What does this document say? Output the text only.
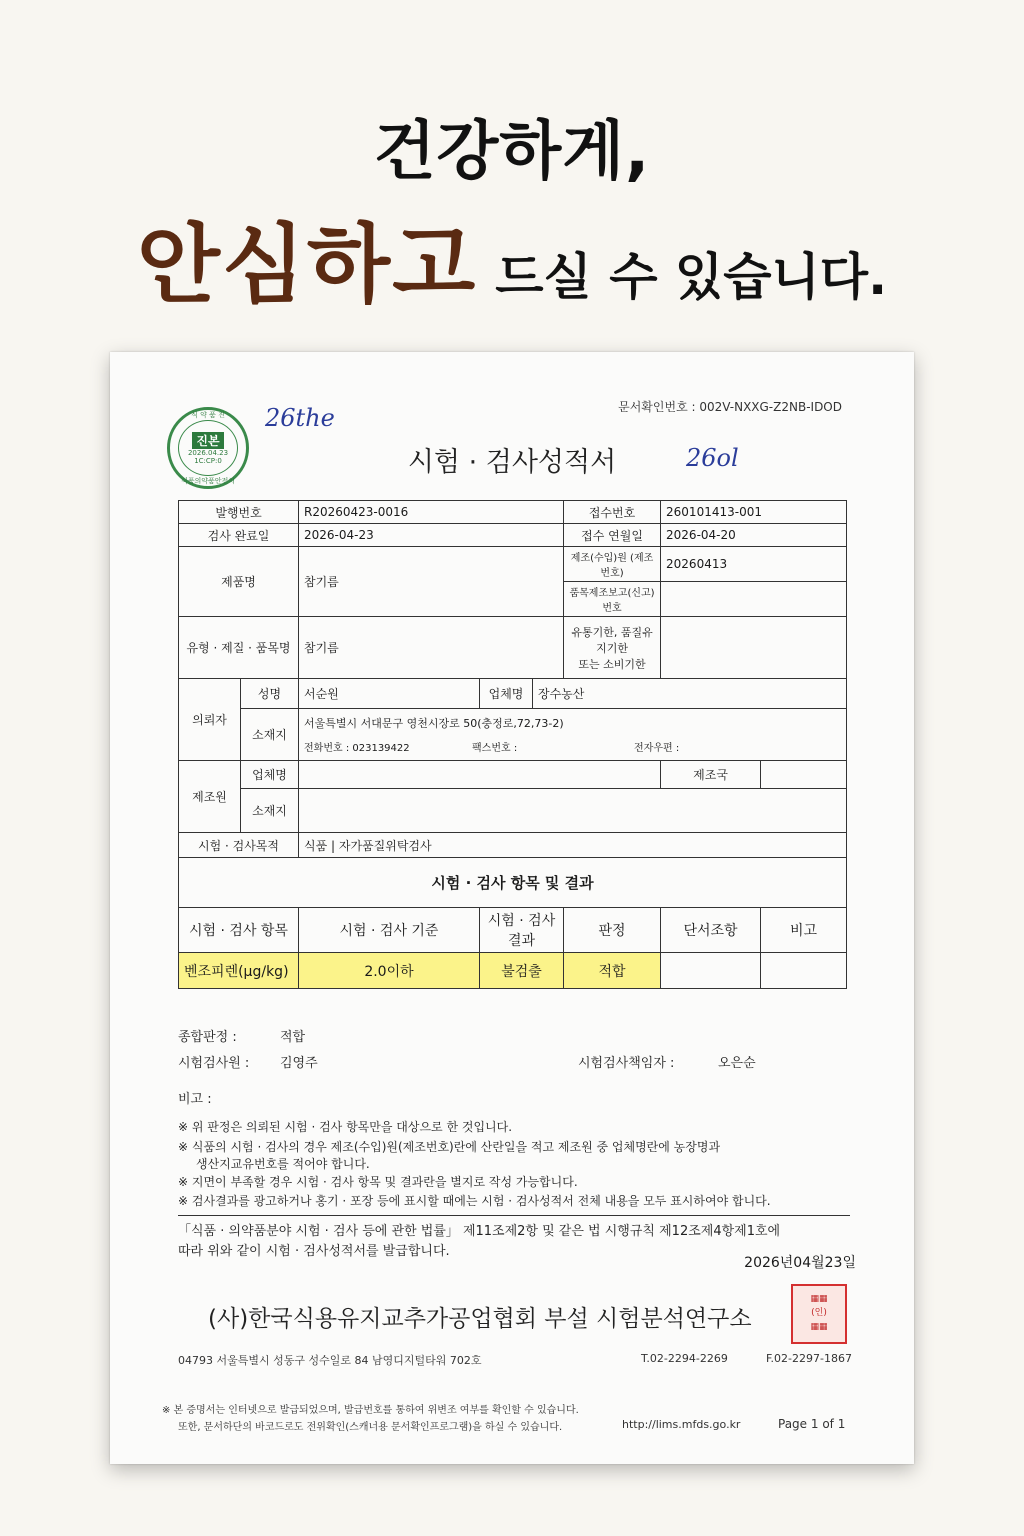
건강하게,
안심하고 드실 수 있습니다.
문서확인번호 : 002V-NXXG-Z2NB-IDOD
식 약 품 진
진본
2026.04.23
1C:CP:0
식품의약품안전처
26the
26ol
시험 · 검사성적서
발행번호		R20260423-0016			접수번호	260101413-001	
검사 완료일		2026-04-23			접수 연월일	2026-04-20	
제품명		참기름			제조(수입)원 (제조번호)	20260413	
					품목제조보고(신고)번호		
유형 · 제질 · 품목명		참기름			유통기한, 품질유지기한
또는 소비기한		

의뢰자	성명	서순원	업체명	장수농산			
	소재지	서울특별시 서대문구 영천시장로 50(충정로,72,73-2)
전화번호 : 023139422 팩스번호 : 전자우편 :					

제조원	업체명					제조국	
	소재지						
시험 · 검사목적		식품 | 자가품질위탁검사					
시험 · 검사 항목 및 결과							
시험 · 검사 항목		시험 · 검사 기준	시험 · 검사 결과		판정	단서조항	비고
벤조피렌(μg/kg)		2.0이하	불검출		적합		
종합판정 :	적합
시험검사원 : 김영주	시험검사책임자 :	오은순
비고 :
※ 위 판정은 의뢰된 시험 · 검사 항목만을 대상으로 한 것입니다.
※ 식품의 시험 · 검사의 경우 제조(수입)원(제조번호)란에 산란일을 적고 제조원 중 업체명란에 농장명과
생산지교유번호를 적어야 합니다.
※ 지면이 부족할 경우 시험 · 검사 항목 및 결과란을 별지로 작성 가능합니다.
※ 검사결과를 광고하거나 홍기 · 포장 등에 표시할 때에는 시험 · 검사성적서 전체 내용을 모두 표시하여야 합니다.
「식품 · 의약품분야 시험 · 검사 등에 관한 법률」 제11조제2항 및 같은 법 시행규칙 제12조제4항제1호에
따라 위와 같이 시험 · 검사성적서를 발급합니다.
2026년04월23일
(사)한국식용유지교추가공업협회 부설 시험분석연구소
▦▦
(인)
▦▦
04793 서울특별시 성동구 성수일로 84 남영디지털타워 702호	T.02-2294-2269	F.02-2297-1867
※ 본 증명서는 인터넷으로 발급되었으며, 발급번호를 통하여 위변조 여부를 확인할 수 있습니다.
또한, 문서하단의 바코드로도 전위확인(스캐너용 문서확인프로그램)을 하실 수 있습니다.	http://lims.mfds.go.kr	Page 1 of 1
